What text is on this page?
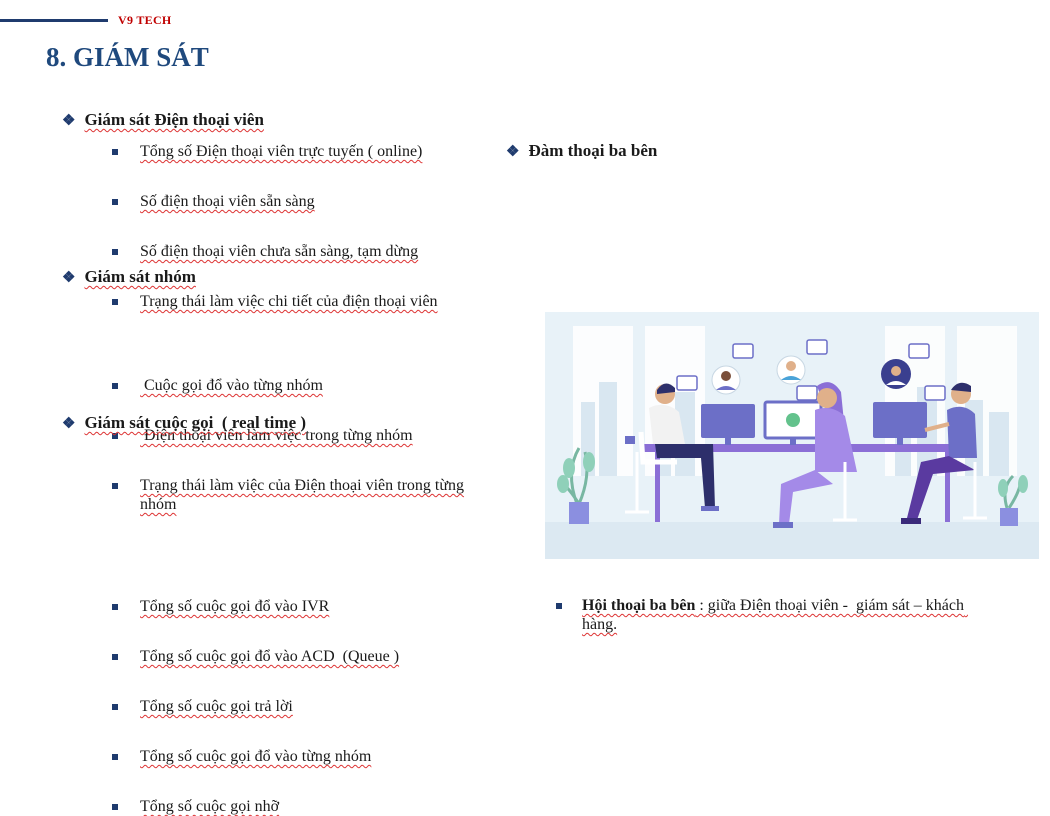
V9 TECH
8. GIÁM SÁT
❖ Giám sát Điện thoại viên
Tổng số Điện thoại viên trực tuyến ( online)
Số điện thoại viên sẵn sàng
Số điện thoại viên chưa sẵn sàng, tạm dừng
Trạng thái làm việc chi tiết của điện thoại viên
❖ Giám sát nhóm
Cuộc gọi đổ vào từng nhóm
Điện thoại viên làm việc trong từng nhóm
Trạng thái làm việc của Điện thoại viên trong từng nhóm
❖ Giám sát cuộc gọi  ( real time )
Tổng số cuộc gọi đổ vào IVR
Tổng số cuộc gọi đổ vào ACD  (Queue )
Tổng số cuộc gọi trả lời
Tổng số cuộc gọi đổ vào từng nhóm
Tổng số cuộc gọi nhỡ
❖ Đàm thoại ba bên
Hội thoại ba bên : giữa Điện thoại viên -  giám sát – khách hàng.
